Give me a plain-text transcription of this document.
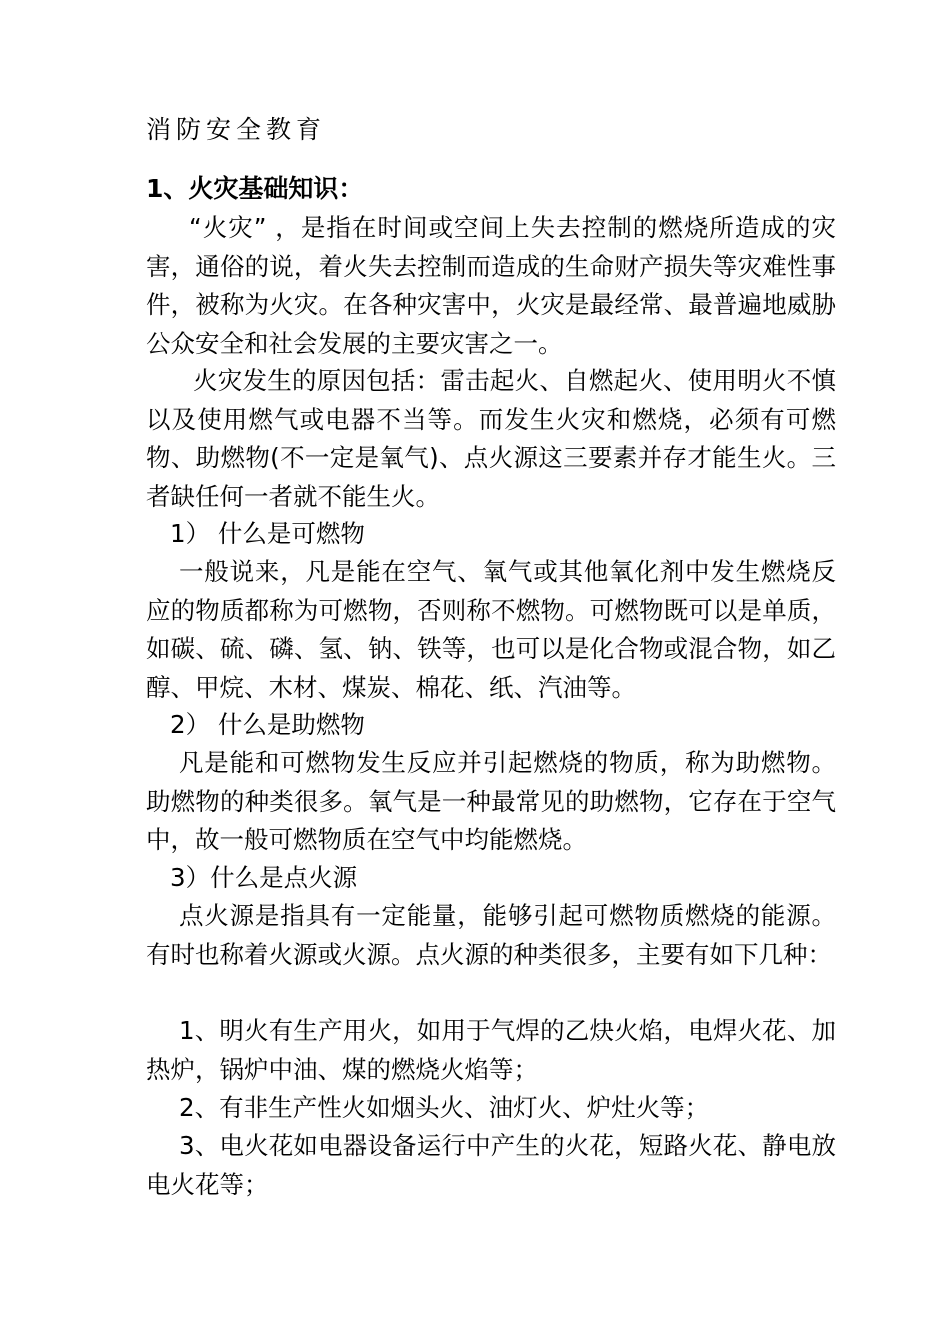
消防安全教育
1、火灾基础知识：

“火灾” ，是指在时间或空间上失去控制的燃烧所造成的灾害，通俗的说，着火失去控制而造成的生命财产损失等灾难性事件，被称为火灾。在各种灾害中，火灾是最经常、最普遍地威胁公众安全和社会发展的主要灾害之一。

火灾发生的原因包括：雷击起火、自燃起火、使用明火不慎以及使用燃气或电器不当等。而发生火灾和燃烧，必须有可燃物、助燃物(不一定是氧气)、点火源这三要素并存才能生火。三者缺任何一者就不能生火。

1） 什么是可燃物

一般说来，凡是能在空气、氧气或其他氧化剂中发生燃烧反应的物质都称为可燃物，否则称不燃物。可燃物既可以是单质，如碳、硫、磷、氢、钠、铁等，也可以是化合物或混合物，如乙醇、甲烷、木材、煤炭、棉花、纸、汽油等。

2） 什么是助燃物

凡是能和可燃物发生反应并引起燃烧的物质，称为助燃物。助燃物的种类很多。氧气是一种最常见的助燃物，它存在于空气中，故一般可燃物质在空气中均能燃烧。

3）什么是点火源

点火源是指具有一定能量，能够引起可燃物质燃烧的能源。有时也称着火源或火源。点火源的种类很多，主要有如下几种：

1、明火有生产用火，如用于气焊的乙炔火焰，电焊火花、加热炉，锅炉中油、煤的燃烧火焰等；

2、有非生产性火如烟头火、油灯火、炉灶火等；

3、电火花如电器设备运行中产生的火花，短路火花、静电放电火花等；
